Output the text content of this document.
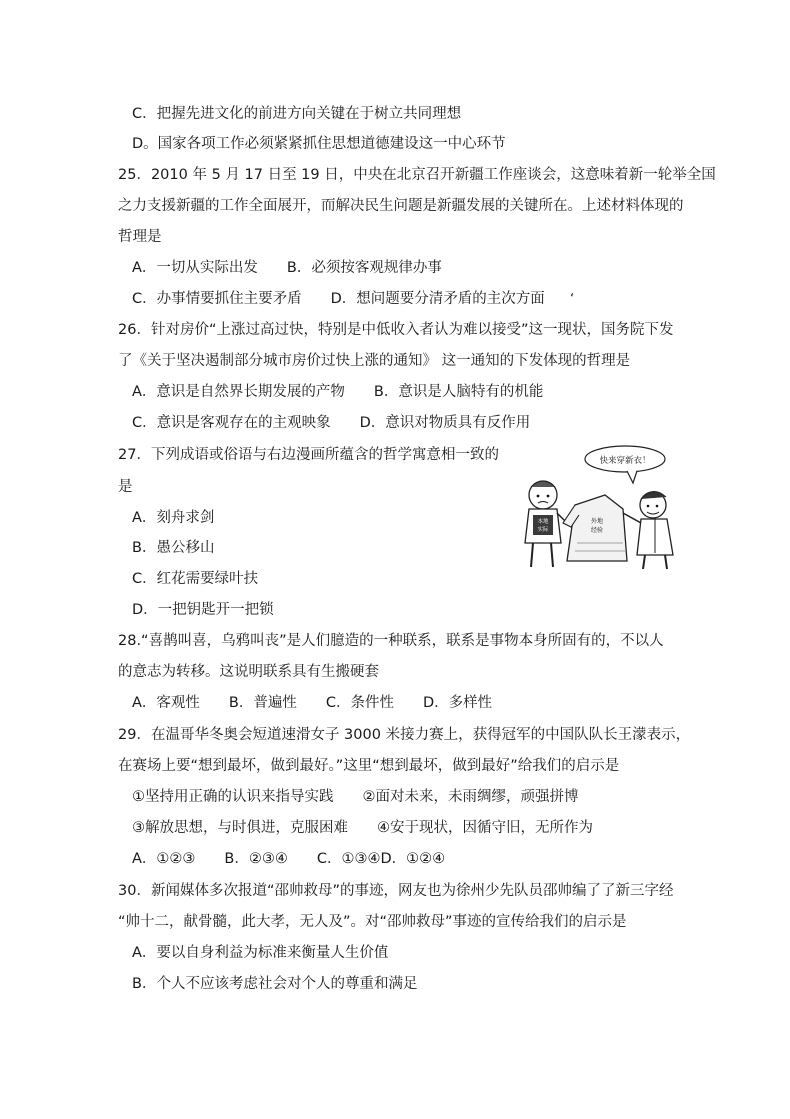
C．把握先进文化的前进方向关键在于树立共同理想
D。国家各项工作必须紧紧抓住思想道德建设这一中心环节
25．2010 年 5 月 17 日至 19 日，中央在北京召开新疆工作座谈会，这意味着新一轮举全国
之力支援新疆的工作全面展开，而解决民生问题是新疆发展的关键所在。上述材料体现的
哲理是
A．一切从实际出发　　B．必须按客观规律办事
C．办事情要抓住主要矛盾　　D．想问题要分清矛盾的主次方面 ‘
26．针对房价“上涨过高过快，特别是中低收入者认为难以接受”这一现状，国务院下发
了《关于坚决遏制部分城市房价过快上涨的通知》 这一通知的下发体现的哲理是
A．意识是自然界长期发展的产物　　B．意识是人脑特有的机能
C．意识是客观存在的主观映象　　D．意识对物质具有反作用
27．下列成语或俗语与右边漫画所蕴含的哲学寓意相一致的
是
A．刻舟求剑
B．愚公移山
C．红花需要绿叶扶
D．一把钥匙开一把锁
快来穿新衣！
本地
实际
外地
经验
28.“喜鹊叫喜，乌鸦叫丧”是人们臆造的一种联系，联系是事物本身所固有的，不以人
的意志为转移。这说明联系具有生搬硬套
A．客观性　　B．普遍性　　C．条件性　　D．多样性
29．在温哥华冬奥会短道速滑女子 3000 米接力赛上，获得冠军的中国队队长王濛表示，
在赛场上要“想到最坏，做到最好。”这里“想到最坏，做到最好”给我们的启示是
①坚持用正确的认识来指导实践　　②面对未来，未雨绸缪，顽强拼博
③解放思想，与时俱进，克服困难　　④安于现状，因循守旧，无所作为
A．①②③　　B．②③④　　C．①③④D．①②④
30．新闻媒体多次报道“邵帅救母”的事迹，网友也为徐州少先队员邵帅编了了新三字经
“帅十二，献骨髓，此大孝，无人及”。对“邵帅救母”事迹的宣传给我们的启示是
A．要以自身利益为标准来衡量人生价值
B．个人不应该考虑社会对个人的尊重和满足
